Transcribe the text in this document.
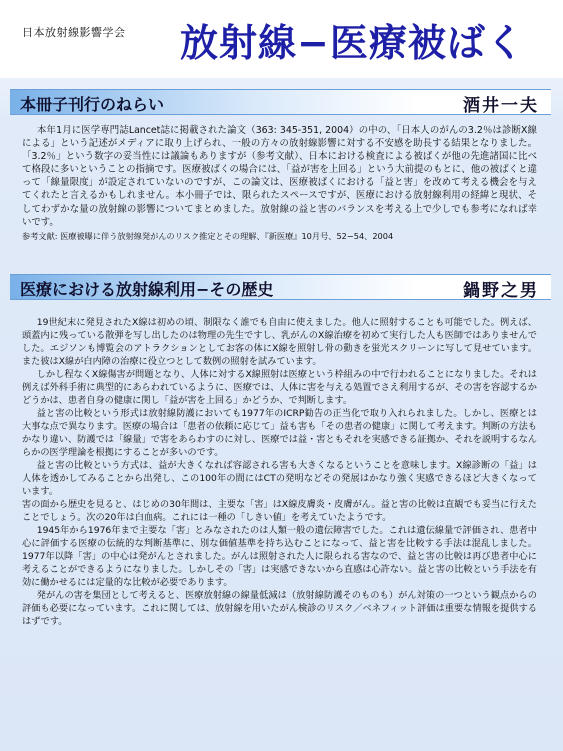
日本放射線影響学会 放射線−医療被ばく
本冊子刊行のねらい	酒井一夫

本年1月に医学専門誌Lancet誌に掲載された論文（363: 345-351, 2004）の中の、「日本人のがんの3.2％は診断X線による」という記述がメディアに取り上げられ、一般の方々の放射線影響に対する不安感を助長する結果となりました。「3.2％」という数字の妥当性には議論もありますが（参考文献）、日本における検査による被ばくが他の先進諸国に比べて格段に多いということの指摘です。医療被ばくの場合には、「益が害を上回る」という大前提のもとに、他の被ばくと違って「線量限度」が設定されていないのですが、この論文は、医療被ばくにおける「益と害」を改めて考える機会を与えてくれたと言えるかもしれません。本小冊子では、限られたスペースですが、医療における放射線利用の経緯と現状、そしてわずかな量の放射線の影響についてまとめました。放射線の益と害のバランスを考える上で少しでも参考になれば幸いです。

参考文献: 医療被曝に伴う放射線発がんのリスク推定とその理解、『新医療』10月号、52−54、2004
医療における放射線利用−その歴史	鍋野之男

19世紀末に発見されたX線は初めの頃、制限なく誰でも自由に使えました。他人に照射することも可能でした。例えば、頭蓋内に残っている散弾を写し出したのは物理の先生ですし、乳がんのX線治療を初めて実行した人も医師ではありませんでした。エジソンも博覧会のアトラクションとしてお客の体にX線を照射し骨の動きを蛍光スクリーンに写して見せています。また彼はX線が白内障の治療に役立つとして数例の照射を試みています。

しかし程なくX線傷害が問題となり、人体に対するX線照射は医療という枠組みの中で行われることになりました。それは例えば外科手術に典型的にあらわれているように、医療では、人体に害を与える処置でさえ利用するが、その害を容認するかどうかは、患者自身の健康に関し「益が害を上回る」かどうか、で判断します。

益と害の比較という形式は放射線防護においても1977年のICRP勧告の正当化で取り入れられました。しかし、医療とは大事な点で異なります。医療の場合は「患者の依頼に応じて」益も害も「その患者の健康」に関して考えます。判断の方法もかなり違い、防護では「線量」で害をあらわすのに対し、医療では益・害ともそれを実感できる証拠か、それを説明するなんらかの医学理論を根拠にすることが多いのです。

益と害の比較という方式は、益が大きくなれば容認される害も大きくなるということを意味します。X線診断の「益」は人体を透かしてみることから出発し、この100年の間にはCTの発明などその発展はかなり強く実感できるほど大きくなっています。

害の面から歴史を見ると、はじめの30年間は、主要な「害」はX線皮膚炎・皮膚がん。益と害の比較は直観でも妥当に行えたことでしょう。次の20年は白血病。これには一種の「しきい値」を考えていたようです。

1945年から1976年まで主要な「害」とみなされたのは人類一般の遺伝障害でした。これは遺伝線量で評価され、患者中心に評価する医療の伝統的な判断基準に、別な価値基準を持ち込むことになって、益と害を比較する手法は混乱しました。1977年以降「害」の中心は発がんとされました。がんは照射された人に限られる害なので、益と害の比較は再び患者中心に考えることができるようになりました。しかしその「害」は実感できないから直感は心許ない。益と害の比較という手法を有効に働かせるには定量的な比較が必要であります。

発がんの害を集団として考えると、医療放射線の線量低減は（放射線防護そのものも）がん対策の一つという観点からの評価も必要になっています。これに関しては、放射線を用いたがん検診のリスク／ベネフィット評価は重要な情報を提供するはずです。
